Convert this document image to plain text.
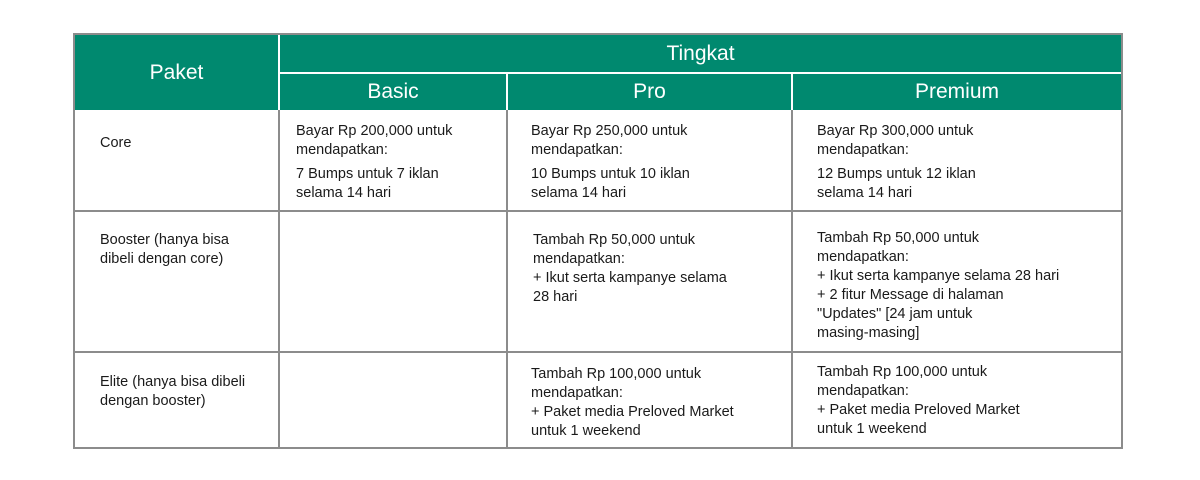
Paket
Tingkat
Basic	Pro	Premium

Core

Bayar Rp 200,000 untuk

mendapatkan:

7 Bumps untuk 7 iklan

selama 14 hari

Bayar Rp 250,000 untuk

mendapatkan:

10 Bumps untuk 10 iklan

selama 14 hari

Bayar Rp 300,000 untuk

mendapatkan:

12 Bumps untuk 12 iklan

selama 14 hari

Booster (hanya bisa

dibeli dengan core)

Tambah Rp 50,000 untuk

mendapatkan:

+ Ikut serta kampanye selama

28 hari

Tambah Rp 50,000 untuk

mendapatkan:

+ Ikut serta kampanye selama 28 hari

+ 2 fitur Message di halaman

"Updates" [24 jam untuk

masing-masing]

Elite (hanya bisa dibeli

dengan booster)

Tambah Rp 100,000 untuk

mendapatkan:

+ Paket media Preloved Market

untuk 1 weekend

Tambah Rp 100,000 untuk

mendapatkan:

+ Paket media Preloved Market

untuk 1 weekend
